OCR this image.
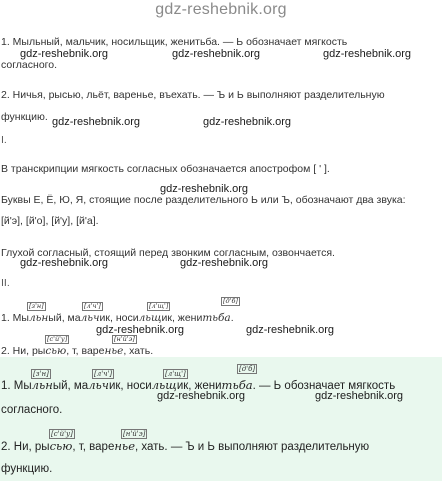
gdz-reshebnik.org
1. Мыльный, мальчик, носильщик, женитьба. — Ь обозначает мягкость
gdz-reshebnik.org	gdz-reshebnik.org	gdz-reshebnik.org
согласного.
2. Ничья, рысью, льёт, варенье, въехать. — Ъ и Ь выполняют разделительную
функцию. gdz-reshebnik.org	gdz-reshebnik.org
I.
В транскрипции мягкость согласных обозначается апострофом [ ' ].
gdz-reshebnik.org
Буквы Е, Ё, Ю, Я, стоящие после разделительного Ь или Ъ, обозначают два звука:
[й'э], [й'о], [й'у], [й'а].
Глухой согласный, стоящий перед звонким согласным, озвончается.
gdz-reshebnik.org	gdz-reshebnik.org
II.
[з'н]	[л'ч']	[л'щ']
[д'б]
1. Мыльный, мальчик, носильщик, женитьба.
gdz-reshebnik.org	gdz-reshebnik.org
[с'й'у]	[н'й'э]
2. Ни, рысью, т, варенье, хать.
[з'н]	[л'ч']	[л'щ']
[д'б]
1. Мыльный, мальчик, носильщик, женитьба. — Ь обозначает мягкость
gdz-reshebnik.org	gdz-reshebnik.org
согласного.
[с'й'у]	[н'й'э]
2. Ни, рысью, т, варенье, хать. — Ъ и Ь выполняют разделительную
функцию.
